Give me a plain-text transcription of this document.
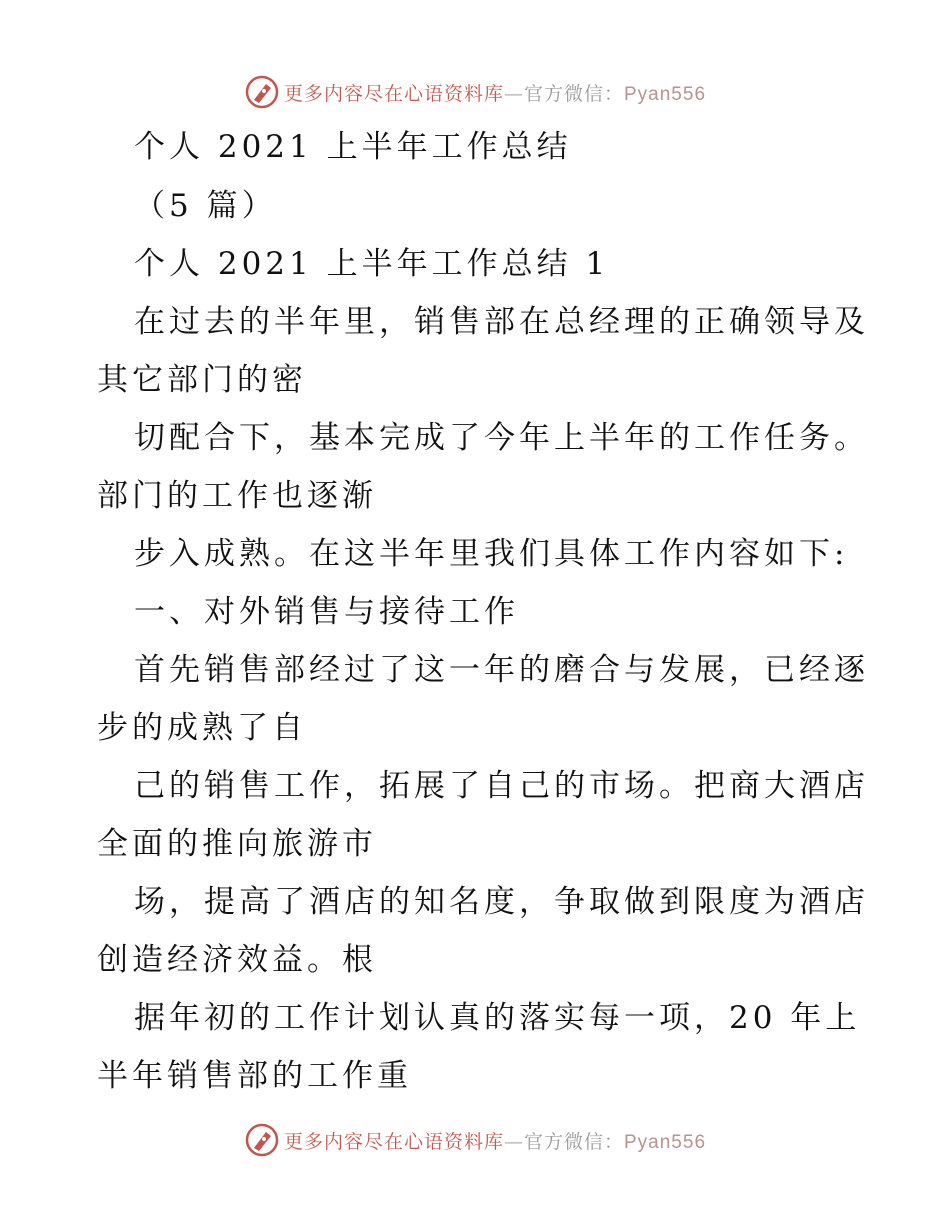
更多内容尽在心语资料库—官方微信：Pyan556
个人 2021 上半年工作总结
（5 篇）
个人 2021 上半年工作总结 1
在过去的半年里，销售部在总经理的正确领导及
其它部门的密
切配合下，基本完成了今年上半年的工作任务。
部门的工作也逐渐
步入成熟。在这半年里我们具体工作内容如下:
一、对外销售与接待工作
首先销售部经过了这一年的磨合与发展，已经逐
步的成熟了自
己的销售工作，拓展了自己的市场。把商大酒店
全面的推向旅游市
场，提高了酒店的知名度，争取做到限度为酒店
创造经济效益。根
据年初的工作计划认真的落实每一项，20 年上
半年销售部的工作重
更多内容尽在心语资料库—官方微信：Pyan556
